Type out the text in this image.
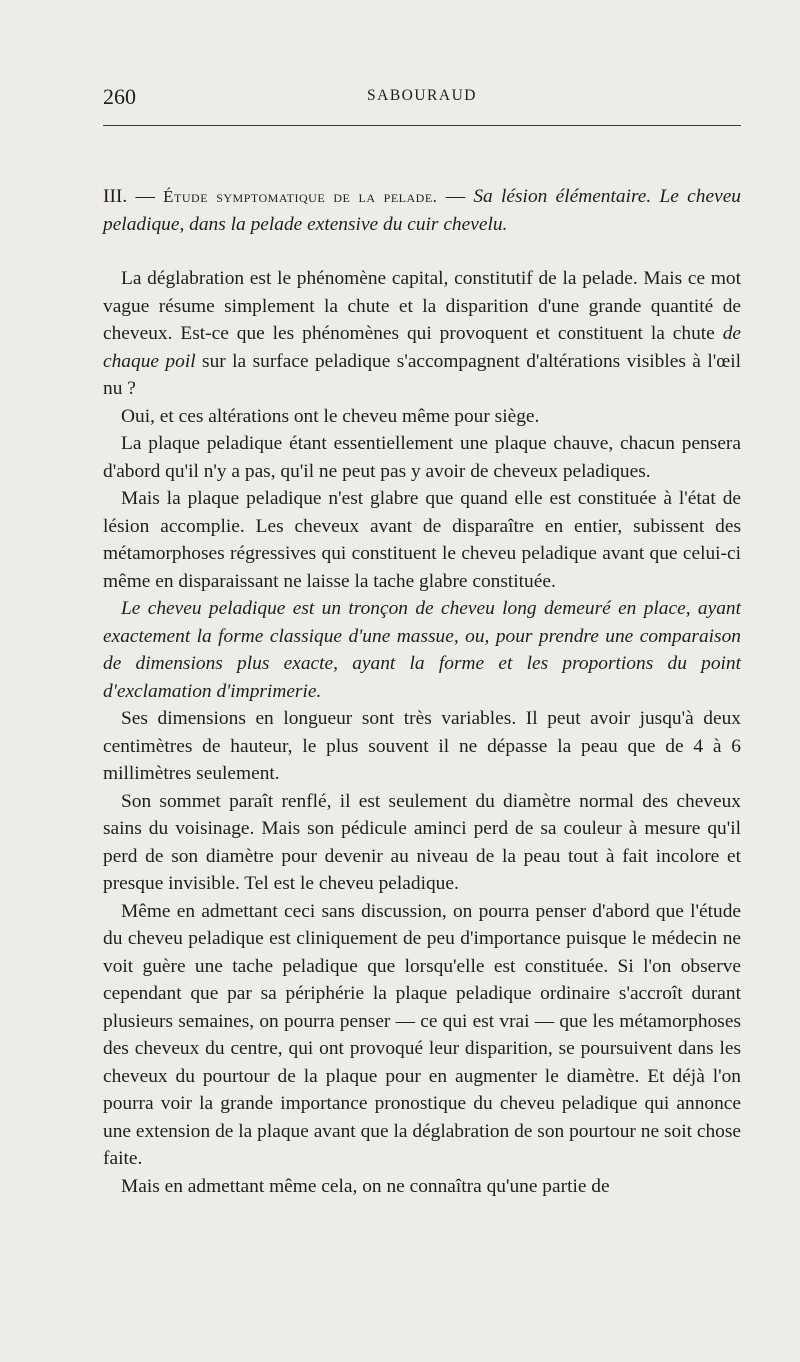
260	SABOURAUD

III. — Étude symptomatique de la pelade. — Sa lésion élémentaire. Le cheveu peladique, dans la pelade extensive du cuir chevelu.

La déglabration est le phénomène capital, constitutif de la pelade. Mais ce mot vague résume simplement la chute et la disparition d'une grande quantité de cheveux. Est-ce que les phénomènes qui provoquent et constituent la chute de chaque poil sur la surface peladique s'accompagnent d'altérations visibles à l'œil nu ?

Oui, et ces altérations ont le cheveu même pour siège.

La plaque peladique étant essentiellement une plaque chauve, chacun pensera d'abord qu'il n'y a pas, qu'il ne peut pas y avoir de cheveux peladiques.

Mais la plaque peladique n'est glabre que quand elle est constituée à l'état de lésion accomplie. Les cheveux avant de disparaître en entier, subissent des métamorphoses régressives qui constituent le cheveu peladique avant que celui-ci même en disparaissant ne laisse la tache glabre constituée.

Le cheveu peladique est un tronçon de cheveu long demeuré en place, ayant exactement la forme classique d'une massue, ou, pour prendre une comparaison de dimensions plus exacte, ayant la forme et les proportions du point d'exclamation d'imprimerie.

Ses dimensions en longueur sont très variables. Il peut avoir jusqu'à deux centimètres de hauteur, le plus souvent il ne dépasse la peau que de 4 à 6 millimètres seulement.

Son sommet paraît renflé, il est seulement du diamètre normal des cheveux sains du voisinage. Mais son pédicule aminci perd de sa couleur à mesure qu'il perd de son diamètre pour devenir au niveau de la peau tout à fait incolore et presque invisible. Tel est le cheveu peladique.

Même en admettant ceci sans discussion, on pourra penser d'abord que l'étude du cheveu peladique est cliniquement de peu d'importance puisque le médecin ne voit guère une tache peladique que lorsqu'elle est constituée. Si l'on observe cependant que par sa périphérie la plaque peladique ordinaire s'accroît durant plusieurs semaines, on pourra penser — ce qui est vrai — que les métamorphoses des cheveux du centre, qui ont provoqué leur disparition, se poursuivent dans les cheveux du pourtour de la plaque pour en augmenter le diamètre. Et déjà l'on pourra voir la grande importance pronostique du cheveu peladique qui annonce une extension de la plaque avant que la déglabration de son pourtour ne soit chose faite.

Mais en admettant même cela, on ne connaîtra qu'une partie de
